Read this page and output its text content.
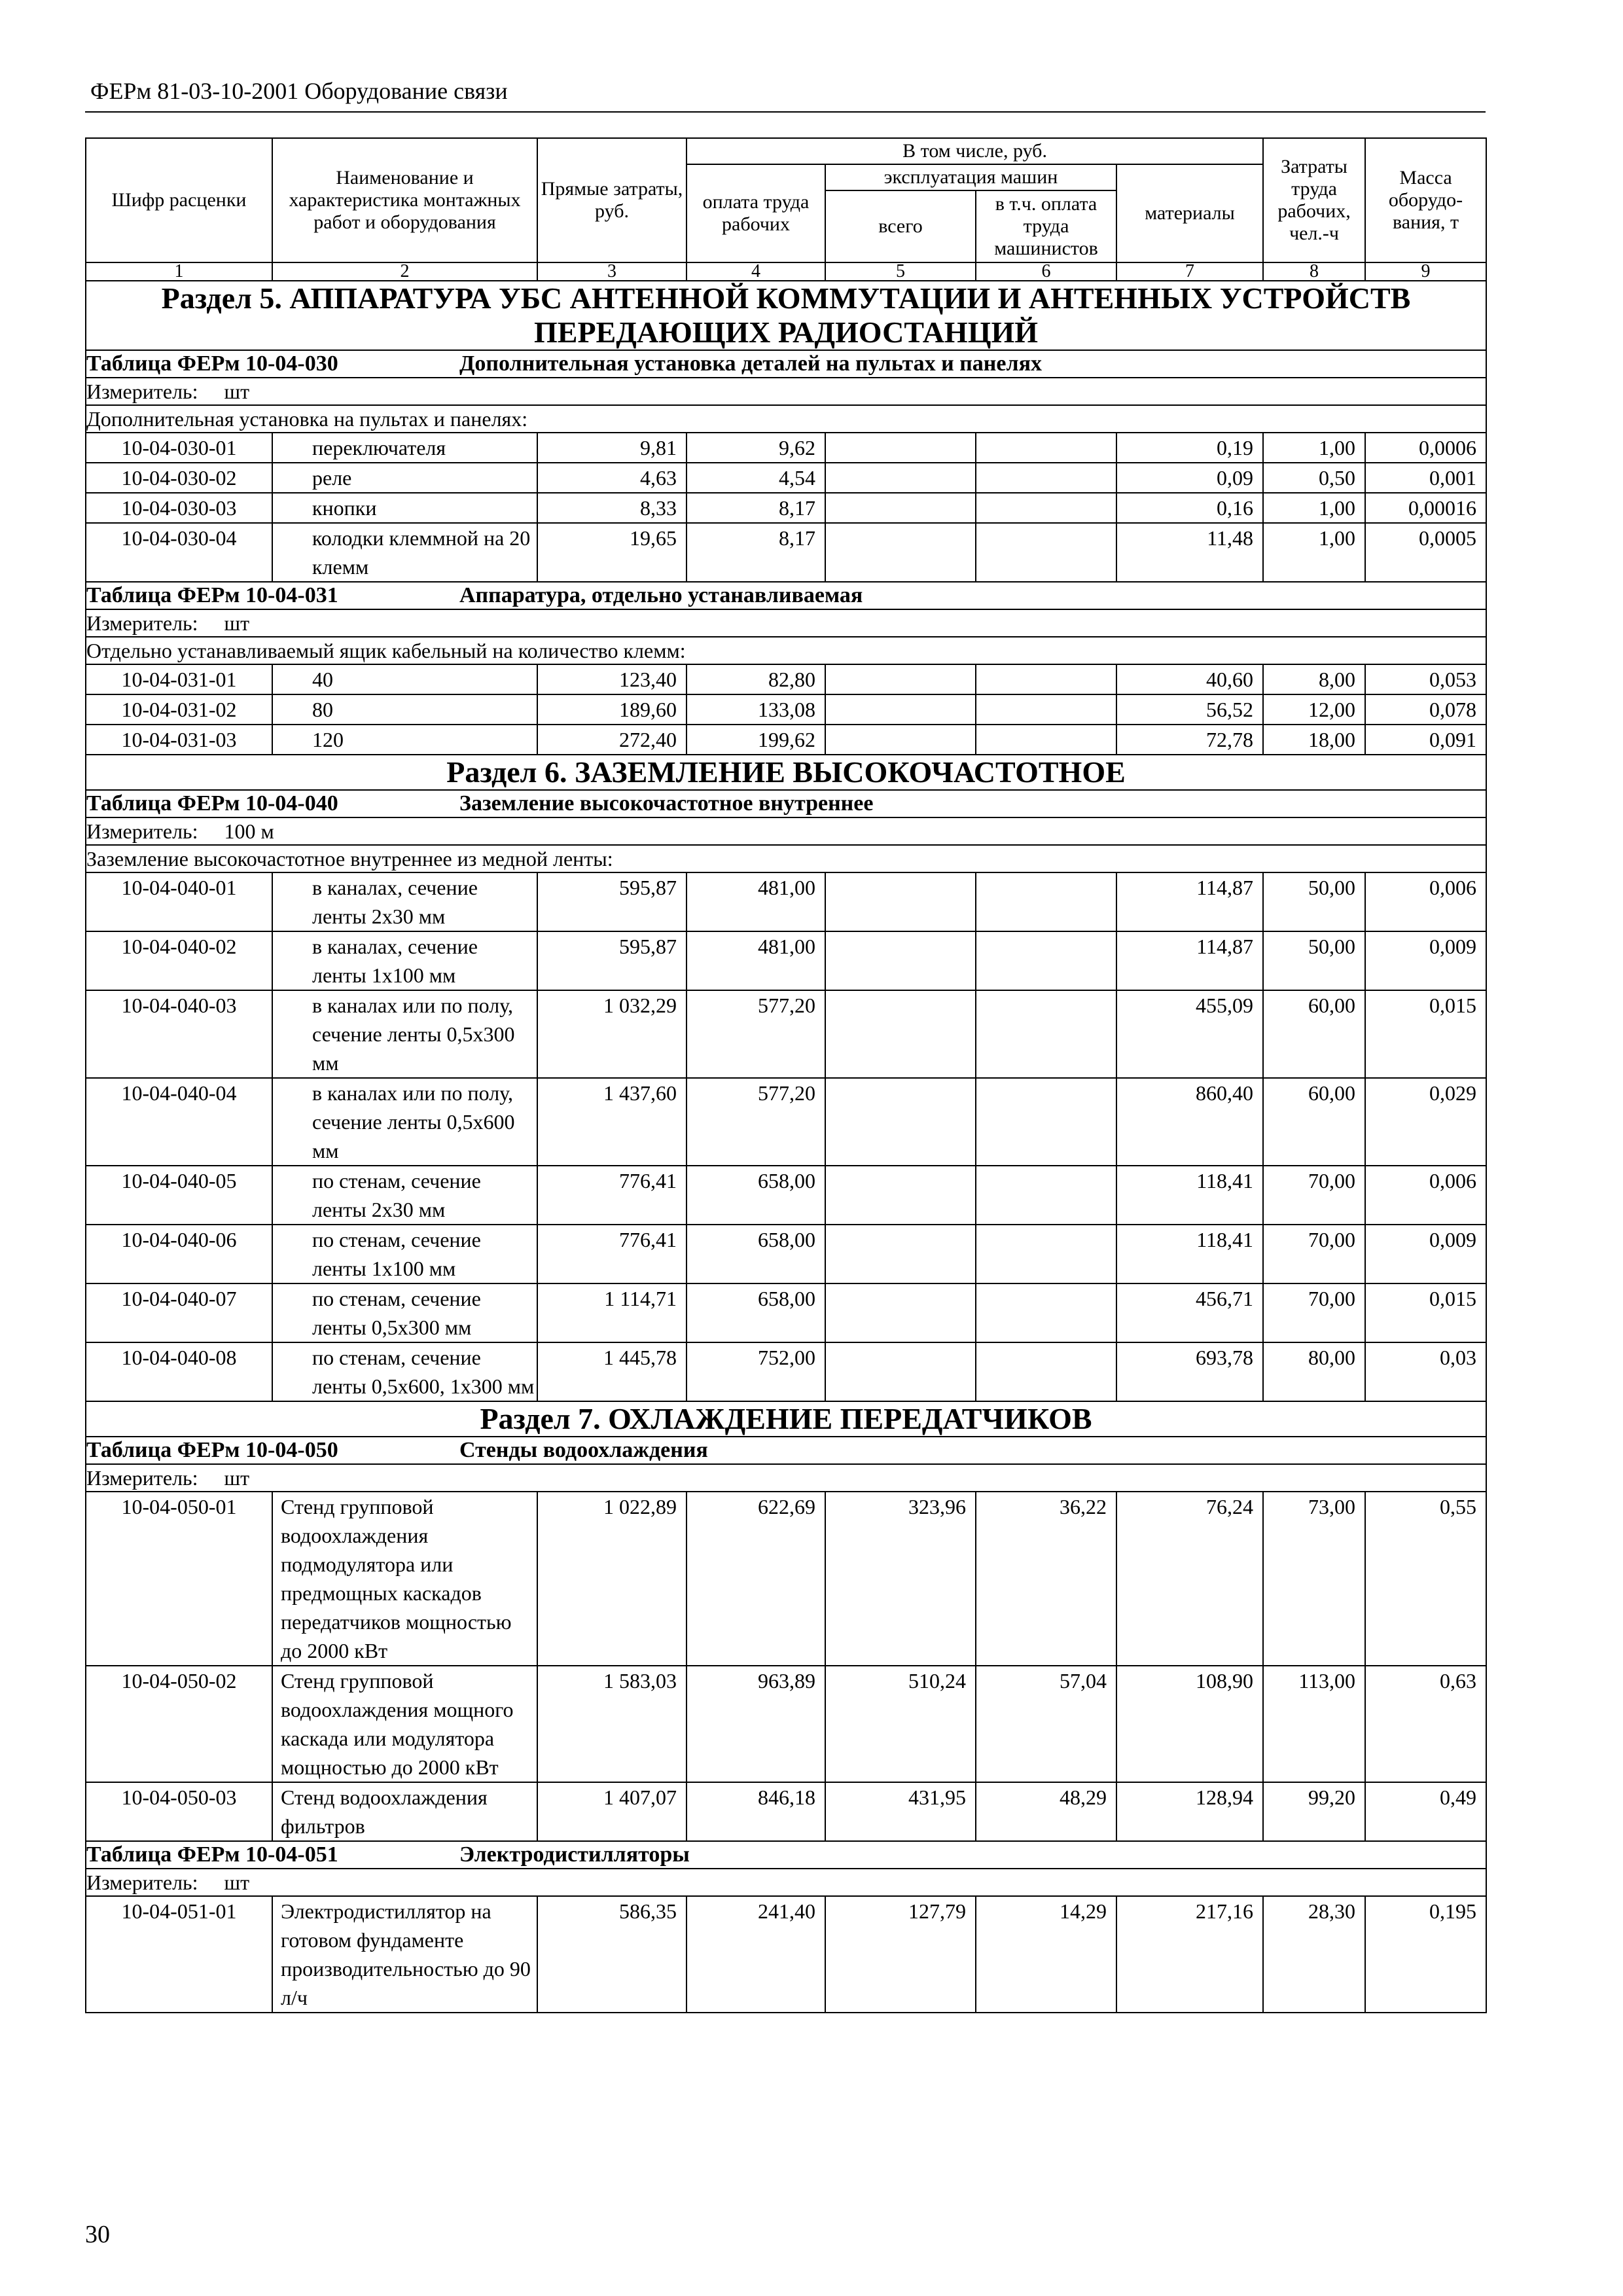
ФЕРм 81-03-10-2001 Оборудование связи
Шифр расценки	Наименование и характеристика монтажных работ и оборудования	Прямые затраты, руб.	В том числе, руб.				Затраты труда рабочих, чел.-ч	Масса оборудо-вания, т
			оплата труда рабочих	эксплуатация машин		материалы		
				всего	в т.ч. оплата труда машинистов			
1	2	3	4	5	6	7	8	9
Раздел 5. АППАРАТУРА УБС АНТЕННОЙ КОММУТАЦИИ И АНТЕННЫХ УСТРОЙСТВ ПЕРЕДАЮЩИХ РАДИОСТАНЦИЙ								
Таблица ФЕРм 10-04-030 Дополнительная установка деталей на пультах и панелях								
Измеритель: шт								
Дополнительная установка на пультах и панелях:								
10-04-030-01	переключателя	9,81	9,62			0,19	1,00	0,0006
10-04-030-02	реле	4,63	4,54			0,09	0,50	0,001
10-04-030-03	кнопки	8,33	8,17			0,16	1,00	0,00016
10-04-030-04	колодки клеммной на 20 клемм	19,65	8,17			11,48	1,00	0,0005
Таблица ФЕРм 10-04-031 Аппаратура, отдельно устанавливаемая								
Измеритель: шт								
Отдельно устанавливаемый ящик кабельный на количество клемм:								
10-04-031-01	40	123,40	82,80			40,60	8,00	0,053
10-04-031-02	80	189,60	133,08			56,52	12,00	0,078
10-04-031-03	120	272,40	199,62			72,78	18,00	0,091
Раздел 6. ЗАЗЕМЛЕНИЕ ВЫСОКОЧАСТОТНОЕ								
Таблица ФЕРм 10-04-040 Заземление высокочастотное внутреннее								
Измеритель: 100 м								
Заземление высокочастотное внутреннее из медной ленты:								
10-04-040-01	в каналах, сечение ленты 2х30 мм	595,87	481,00			114,87	50,00	0,006
10-04-040-02	в каналах, сечение ленты 1х100 мм	595,87	481,00			114,87	50,00	0,009
10-04-040-03	в каналах или по полу, сечение ленты 0,5х300 мм	1 032,29	577,20			455,09	60,00	0,015
10-04-040-04	в каналах или по полу, сечение ленты 0,5х600 мм	1 437,60	577,20			860,40	60,00	0,029
10-04-040-05	по стенам, сечение ленты 2х30 мм	776,41	658,00			118,41	70,00	0,006
10-04-040-06	по стенам, сечение ленты 1х100 мм	776,41	658,00			118,41	70,00	0,009
10-04-040-07	по стенам, сечение ленты 0,5х300 мм	1 114,71	658,00			456,71	70,00	0,015
10-04-040-08	по стенам, сечение ленты 0,5х600, 1х300 мм	1 445,78	752,00			693,78	80,00	0,03
Раздел 7. ОХЛАЖДЕНИЕ ПЕРЕДАТЧИКОВ								
Таблица ФЕРм 10-04-050 Стенды водоохлаждения								
Измеритель: шт								
10-04-050-01	Стенд групповой водоохлаждения подмодулятора или предмощных каскадов передатчиков мощностью до 2000 кВт	1 022,89	622,69	323,96	36,22	76,24	73,00	0,55
10-04-050-02	Стенд групповой водоохлаждения мощного каскада или модулятора мощностью до 2000 кВт	1 583,03	963,89	510,24	57,04	108,90	113,00	0,63
10-04-050-03	Стенд водоохлаждения фильтров	1 407,07	846,18	431,95	48,29	128,94	99,20	0,49
Таблица ФЕРм 10-04-051 Электродистилляторы								
Измеритель: шт								
10-04-051-01	Электродистиллятор на готовом фундаменте производительностью до 90 л/ч	586,35	241,40	127,79	14,29	217,16	28,30	0,195
30
